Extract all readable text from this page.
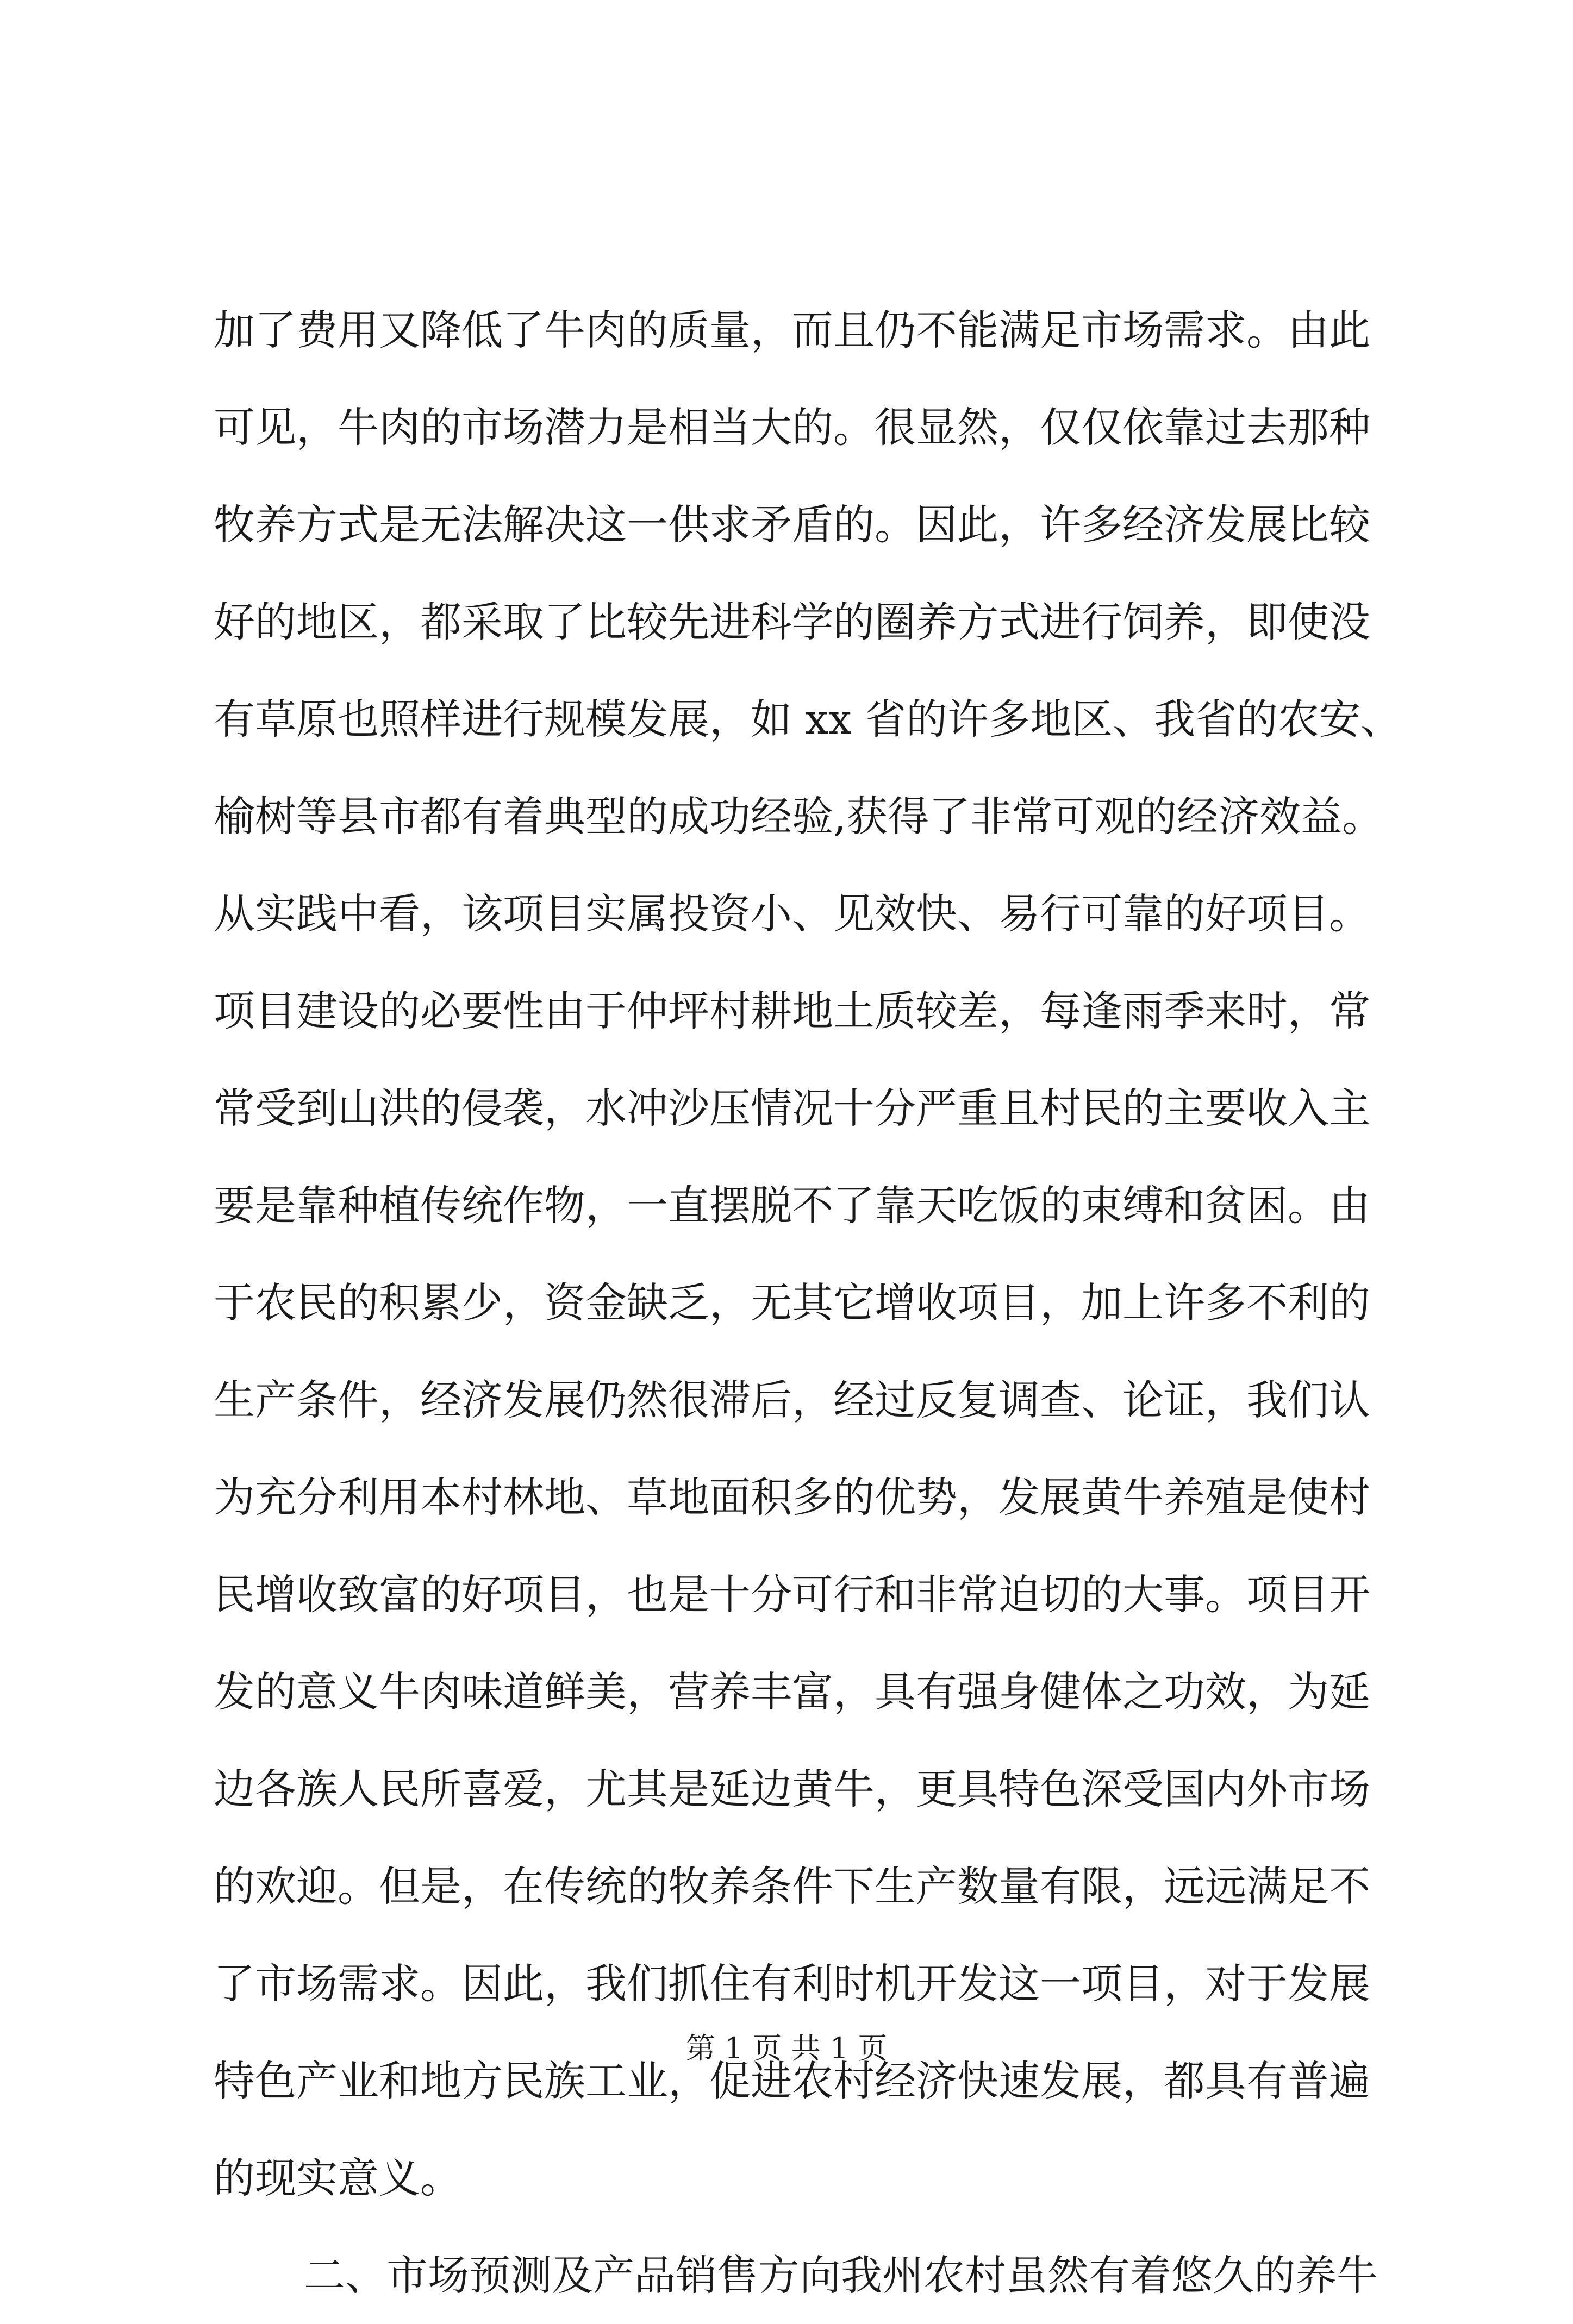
加了费用又降低了牛肉的质量，而且仍不能满足市场需求。由此
可见，牛肉的市场潜力是相当大的。很显然，仅仅依靠过去那种
牧养方式是无法解决这一供求矛盾的。因此，许多经济发展比较
好的地区，都采取了比较先进科学的圈养方式进行饲养，即使没
有草原也照样进行规模发展，如 xx 省的许多地区、我省的农安、
榆树等县市都有着典型的成功经验,获得了非常可观的经济效益。
从实践中看，该项目实属投资小、见效快、易行可靠的好项目。
项目建设的必要性由于仲坪村耕地土质较差，每逢雨季来时，常
常受到山洪的侵袭，水冲沙压情况十分严重且村民的主要收入主
要是靠种植传统作物，一直摆脱不了靠天吃饭的束缚和贫困。由
于农民的积累少，资金缺乏，无其它增收项目，加上许多不利的
生产条件，经济发展仍然很滞后，经过反复调查、论证，我们认
为充分利用本村林地、草地面积多的优势，发展黄牛养殖是使村
民增收致富的好项目，也是十分可行和非常迫切的大事。项目开
发的意义牛肉味道鲜美，营养丰富，具有强身健体之功效，为延
边各族人民所喜爱，尤其是延边黄牛，更具特色深受国内外市场
的欢迎。但是，在传统的牧养条件下生产数量有限，远远满足不
了市场需求。因此，我们抓住有利时机开发这一项目，对于发展
特色产业和地方民族工业，促进农村经济快速发展，都具有普遍
的现实意义。
二、市场预测及产品销售方向我州农村虽然有着悠久的养牛
第 1 页 共 1 页
